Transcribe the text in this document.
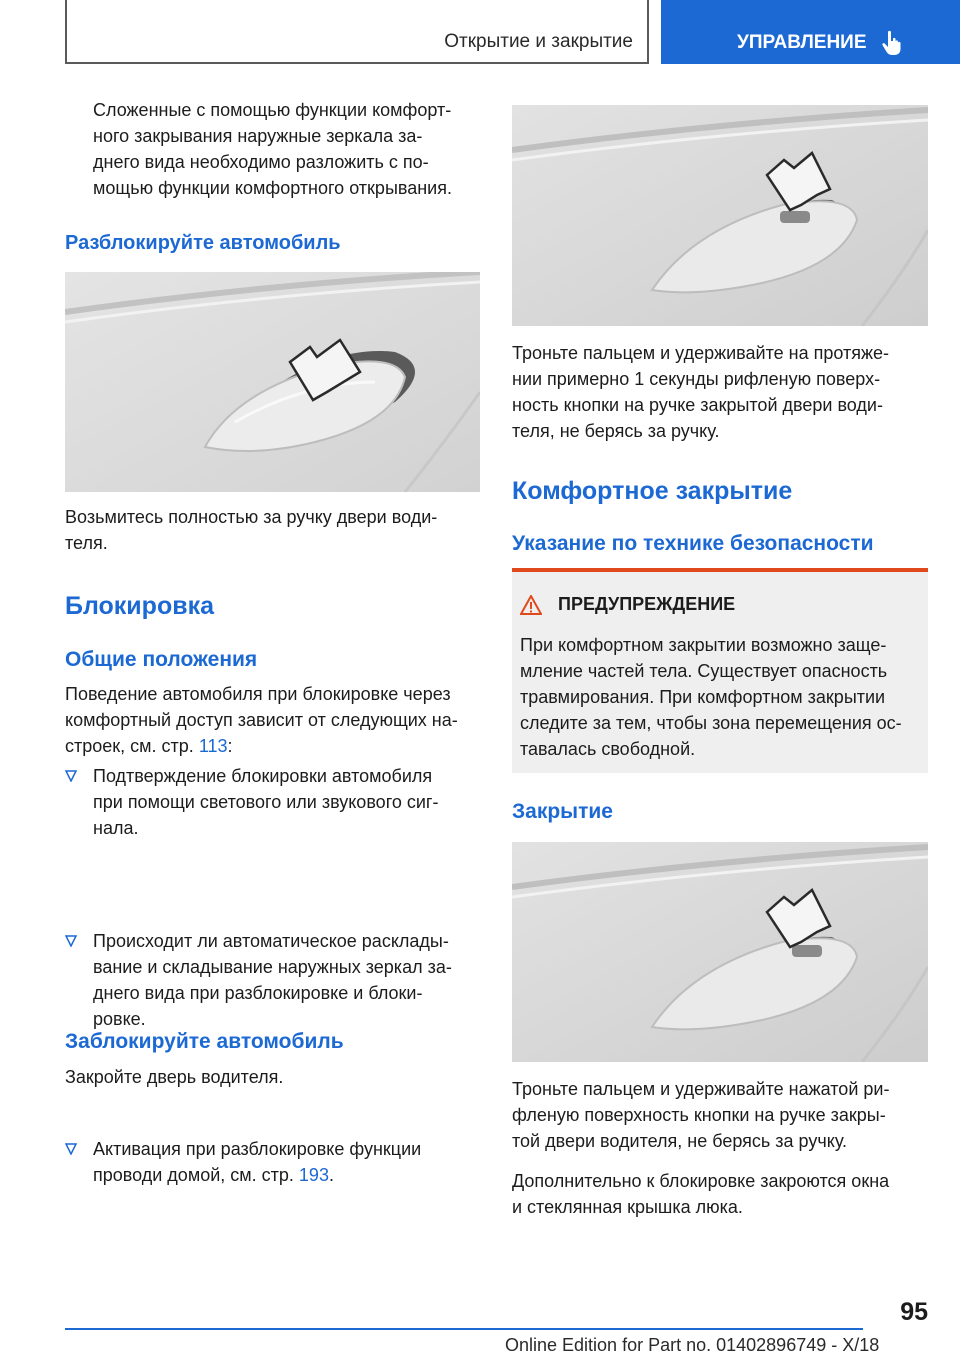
Открытие и закрытие	УПРАВЛЕНИЕ

Сложенные с помощью функции комфорт-

ного закрывания наружные зеркала за-

днего вида необходимо разложить с по-

мощью функции комфортного открывания.

Разблокируйте автомобиль

Возьмитесь полностью за ручку двери води-

теля.

Блокировка

Общие положения

Поведение автомобиля при блокировке через

комфортный доступ зависит от следующих на-

строек, см. стр. 113:

Подтверждение блокировки автомобиля

при помощи светового или звукового сиг-

нала.

Происходит ли автоматическое расклады-

вание и складывание наружных зеркал за-

днего вида при разблокировке и блоки-

ровке.

Активация при разблокировке функции

проводи домой, см. стр. 193.

Заблокируйте автомобиль

Закройте дверь водителя.

Троньте пальцем и удерживайте на протяже-

нии примерно 1 секунды рифленую поверх-

ность кнопки на ручке закрытой двери води-

теля, не берясь за ручку.

Комфортное закрытие

Указание по технике безопасности

ПРЕДУПРЕЖДЕНИЕ

При комфортном закрытии возможно заще-

мление частей тела. Существует опасность

травмирования. При комфортном закрытии

следите за тем, чтобы зона перемещения ос-

тавалась свободной.

Закрытие

Троньте пальцем и удерживайте нажатой ри-

фленую поверхность кнопки на ручке закры-

той двери водителя, не берясь за ручку.

Дополнительно к блокировке закроются окна

и стеклянная крышка люка.

95
Online Edition for Part no. 01402896749 - X/18
